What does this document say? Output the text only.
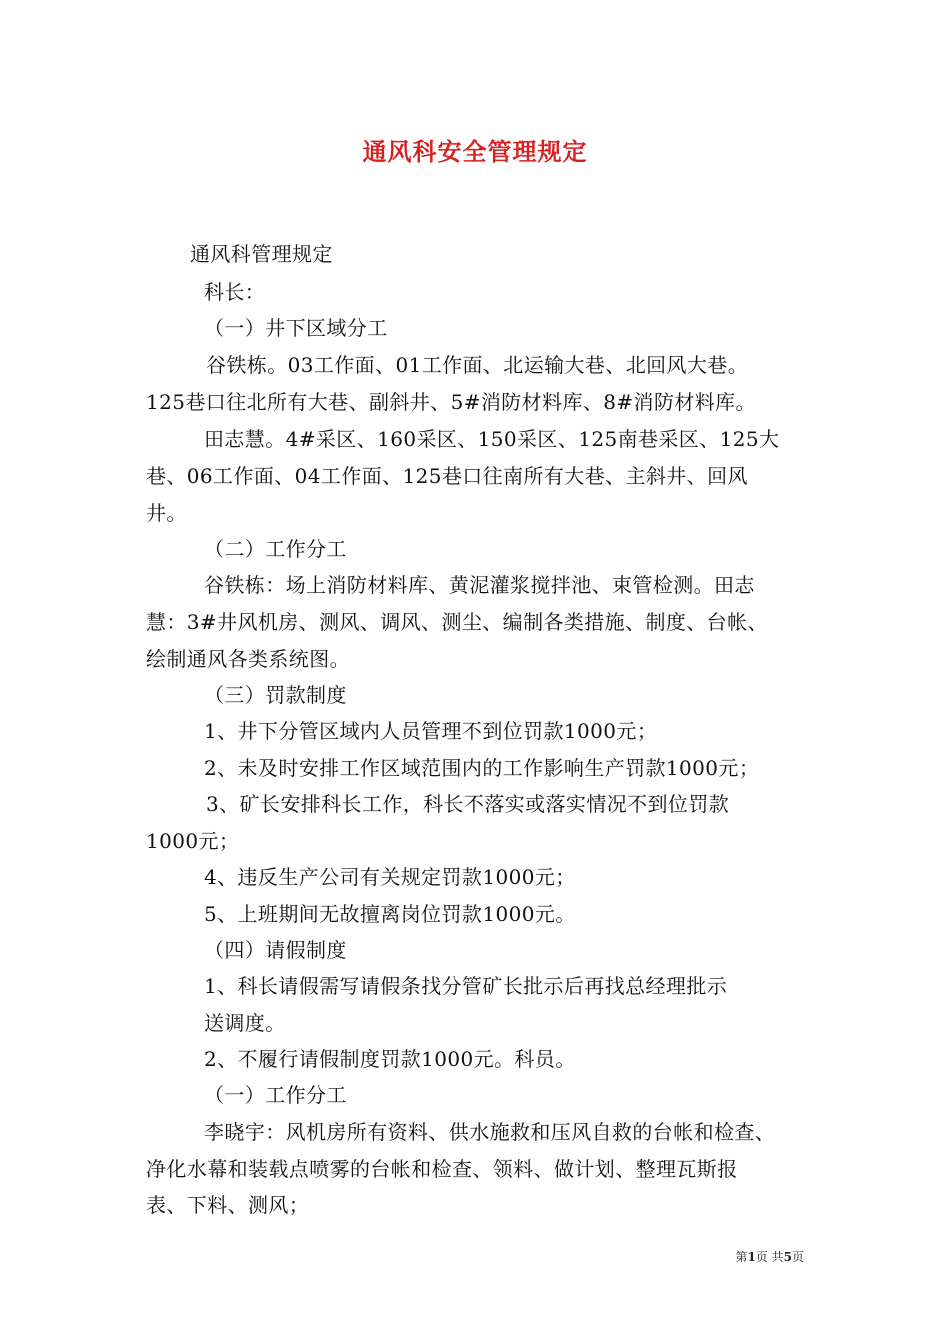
通风科安全管理规定
通风科管理规定
科长：
（一）井下区域分工
谷铁栋。03工作面、01工作面、北运输大巷、北回风大巷。
125巷口往北所有大巷、副斜井、5#消防材料库、8#消防材料库。
田志慧。4#采区、160采区、150采区、125南巷采区、125大
巷、06工作面、04工作面、125巷口往南所有大巷、主斜井、回风
井。
（二）工作分工
谷铁栋：场上消防材料库、黄泥灌浆搅拌池、束管检测。田志
慧：3#井风机房、测风、调风、测尘、编制各类措施、制度、台帐、
绘制通风各类系统图。
（三）罚款制度
1、井下分管区域内人员管理不到位罚款1000元；
2、未及时安排工作区域范围内的工作影响生产罚款1000元；
3、矿长安排科长工作，科长不落实或落实情况不到位罚款
1000元；
4、违反生产公司有关规定罚款1000元；
5、上班期间无故擅离岗位罚款1000元。
（四）请假制度
1、科长请假需写请假条找分管矿长批示后再找总经理批示
送调度。
2、不履行请假制度罚款1000元。科员。
（一）工作分工
李晓宇：风机房所有资料、供水施救和压风自救的台帐和检查、
净化水幕和装载点喷雾的台帐和检查、领料、做计划、整理瓦斯报
表、下料、测风；
第1页 共5页
